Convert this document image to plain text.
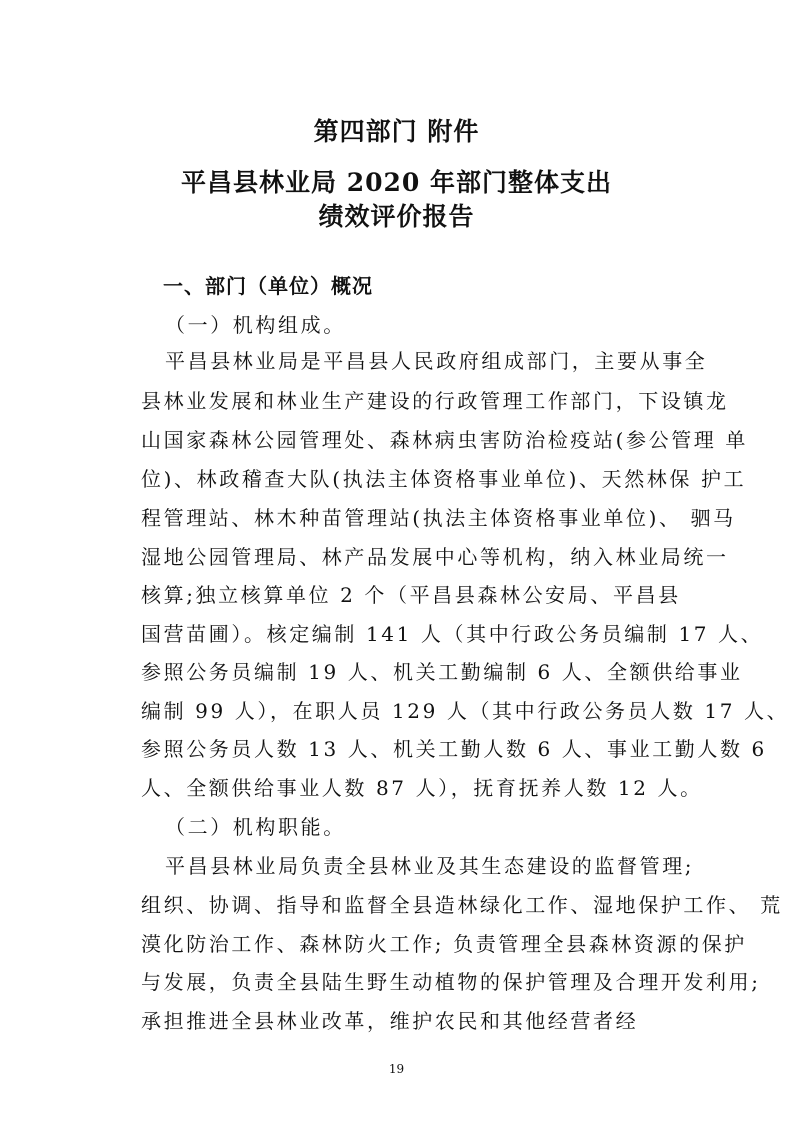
第四部门 附件
平昌县林业局 2020 年部门整体支出
绩效评价报告
一、部门（单位）概况
（一）机构组成。
平昌县林业局是平昌县人民政府组成部门，主要从事全
县林业发展和林业生产建设的行政管理工作部门，下设镇龙
山国家森林公园管理处、森林病虫害防治检疫站(参公管理 单
位)、林政稽查大队(执法主体资格事业单位)、天然林保 护工
程管理站、林木种苗管理站(执法主体资格事业单位)、 驷马
湿地公园管理局、林产品发展中心等机构，纳入林业局统一
核算;独立核算单位 2 个（平昌县森林公安局、平昌县
国营苗圃）。核定编制 141 人（其中行政公务员编制 17 人、
参照公务员编制 19 人、机关工勤编制 6 人、全额供给事业
编制 99 人），在职人员 129 人（其中行政公务员人数 17 人、
参照公务员人数 13 人、机关工勤人数 6 人、事业工勤人数 6
人、全额供给事业人数 87 人），抚育抚养人数 12 人。
（二）机构职能。
平昌县林业局负责全县林业及其生态建设的监督管理;
组织、协调、指导和监督全县造林绿化工作、湿地保护工作、 荒
漠化防治工作、森林防火工作; 负责管理全县森林资源的保护
与发展，负责全县陆生野生动植物的保护管理及合理开发利用;
承担推进全县林业改革，维护农民和其他经营者经
19
